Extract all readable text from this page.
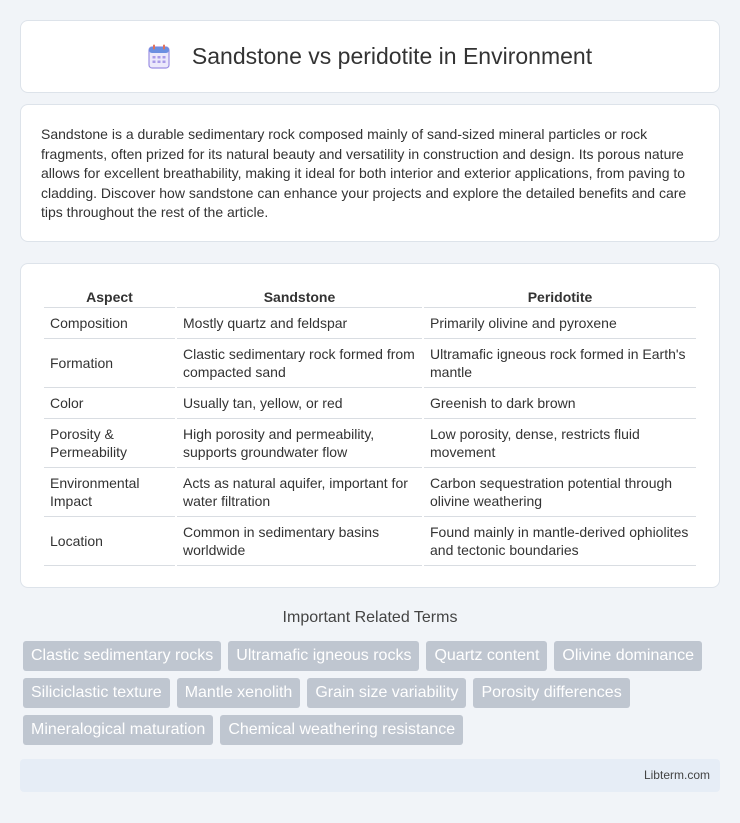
Sandstone vs peridotite in Environment

Sandstone is a durable sedimentary rock composed mainly of sand-sized mineral particles or rock fragments, often prized for its natural beauty and versatility in construction and design. Its porous nature allows for excellent breathability, making it ideal for both interior and exterior applications, from paving to cladding. Discover how sandstone can enhance your projects and explore the detailed benefits and care tips throughout the rest of the article.

Aspect	Sandstone	Peridotite
Composition	Mostly quartz and feldspar	Primarily olivine and pyroxene
Formation	Clastic sedimentary rock formed from compacted sand	Ultramafic igneous rock formed in Earth's mantle
Color	Usually tan, yellow, or red	Greenish to dark brown
Porosity & Permeability	High porosity and permeability, supports groundwater flow	Low porosity, dense, restricts fluid movement
Environmental Impact	Acts as natural aquifer, important for water filtration	Carbon sequestration potential through olivine weathering
Location	Common in sedimentary basins worldwide	Found mainly in mantle-derived ophiolites and tectonic boundaries
Important Related Terms
Clastic sedimentary rocks	Ultramafic igneous rocks	Quartz content	Olivine dominance
Siliciclastic texture	Mantle xenolith	Grain size variability	Porosity differences
Mineralogical maturation	Chemical weathering resistance
Libterm.com
